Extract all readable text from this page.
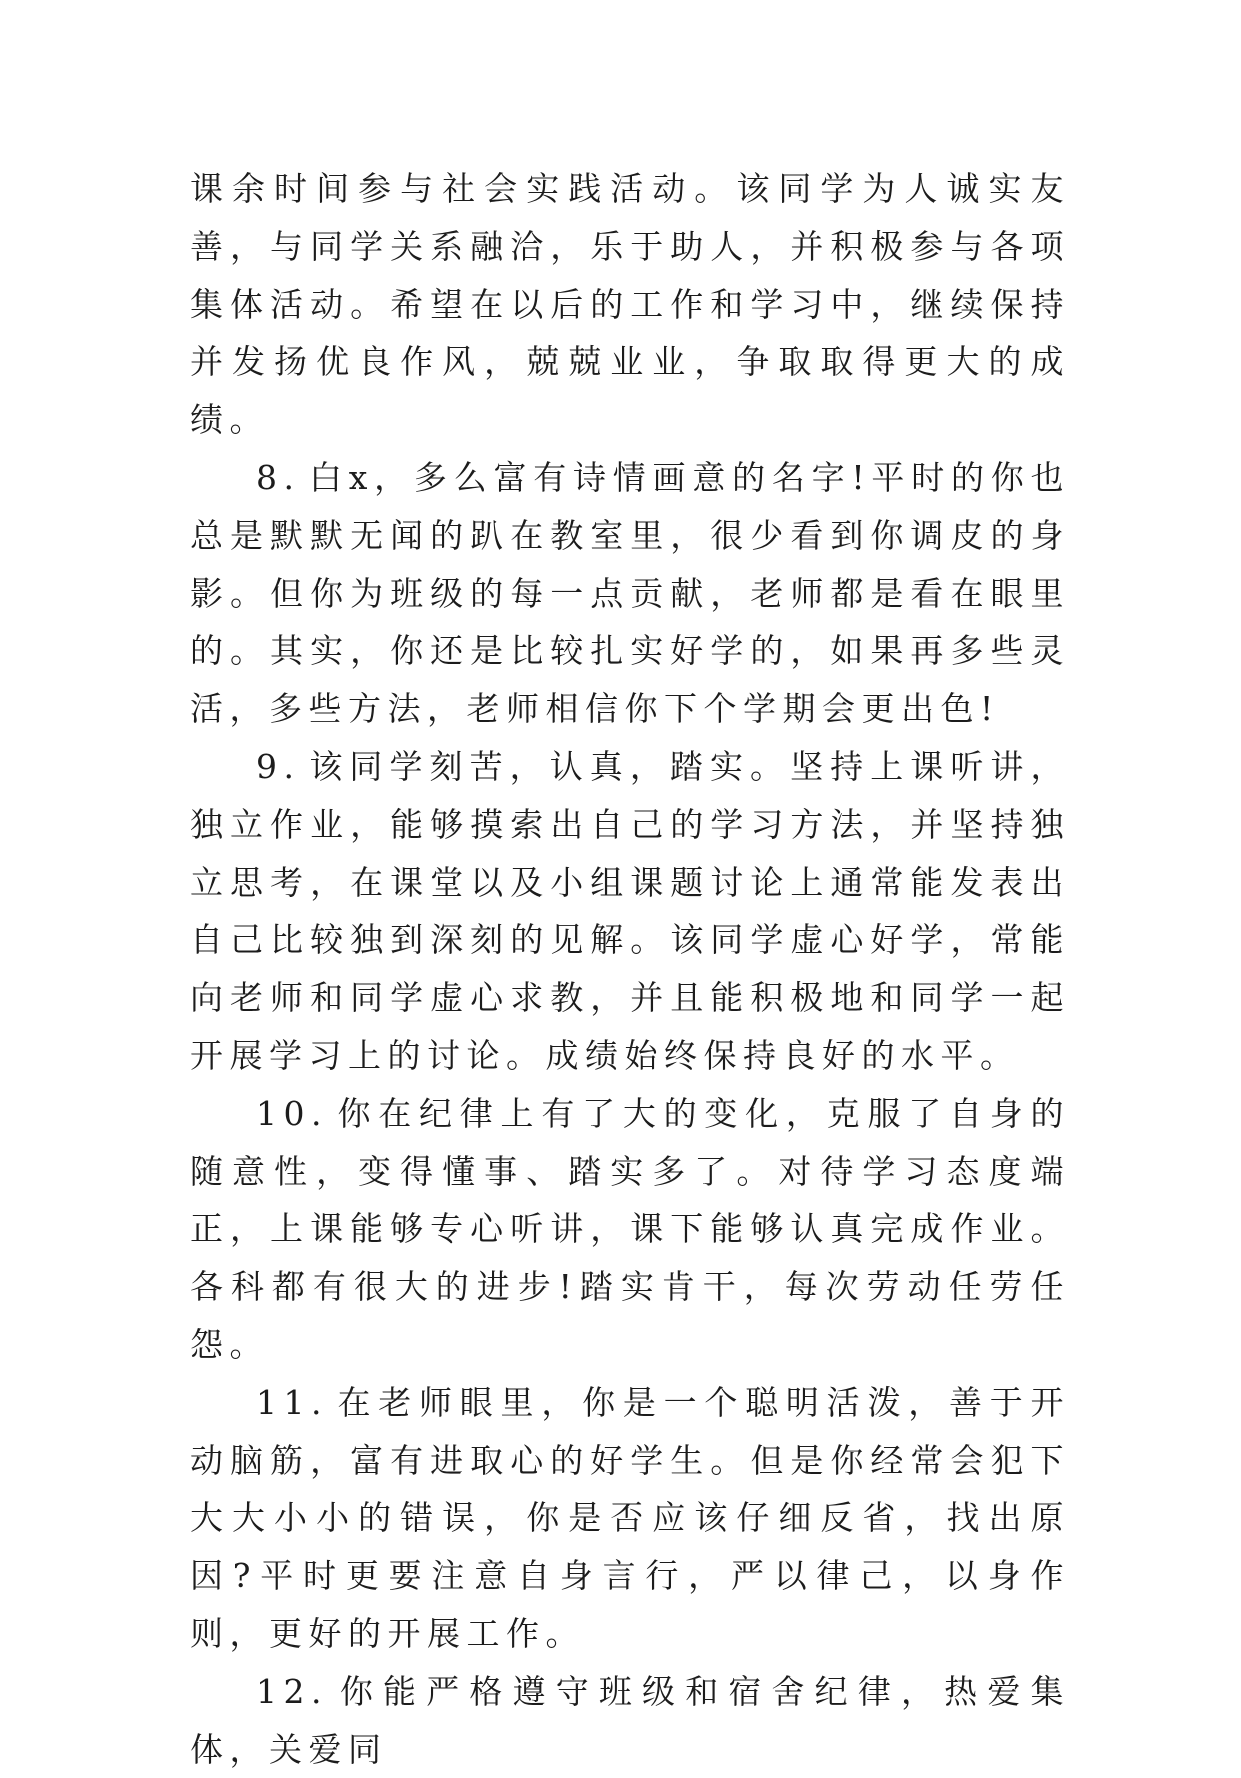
课余时间参与社会实践活动。该同学为人诚实友善，与同学关系融洽，乐于助人，并积极参与各项集体活动。希望在以后的工作和学习中，继续保持并发扬优良作风，兢兢业业，争取取得更大的成绩。

8. 白x，多么富有诗情画意的名字!平时的你也总是默默无闻的趴在教室里，很少看到你调皮的身影。但你为班级的每一点贡献，老师都是看在眼里的。其实，你还是比较扎实好学的，如果再多些灵活，多些方法，老师相信你下个学期会更出色!

9. 该同学刻苦，认真，踏实。坚持上课听讲，独立作业，能够摸索出自己的学习方法，并坚持独立思考，在课堂以及小组课题讨论上通常能发表出自己比较独到深刻的见解。该同学虚心好学，常能向老师和同学虚心求教，并且能积极地和同学一起开展学习上的讨论。成绩始终保持良好的水平。

10. 你在纪律上有了大的变化，克服了自身的随意性，变得懂事、踏实多了。对待学习态度端正，上课能够专心听讲，课下能够认真完成作业。各科都有很大的进步!踏实肯干，每次劳动任劳任怨。

11. 在老师眼里，你是一个聪明活泼，善于开动脑筋，富有进取心的好学生。但是你经常会犯下大大小小的错误，你是否应该仔细反省，找出原因?平时更要注意自身言行，严以律己，以身作则，更好的开展工作。

12. 你能严格遵守班级和宿舍纪律，热爱集体，关爱同
